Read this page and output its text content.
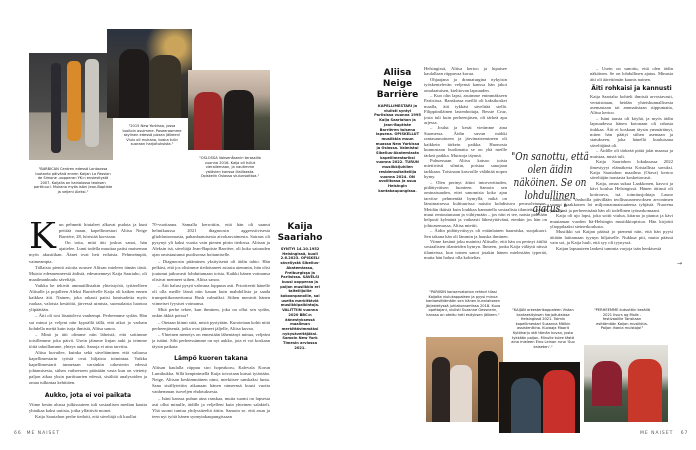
"BARBICAN Centren edessä Lontoossa tuotanto päivänä ennen Kaijan La Passion de Simone -oopperan YK:n ensiesitystä 2007. Kaijalla on kainalossa teoksen partituuri. Mukana myös isäni Jean-Baptiste ja veljeni Aleksi."
"2015 New Yorkissa, jossa tuolloin asuimme. Poseeraamme skylinen edessä pizzan jälkeen! Viulu oli mukana, koska tulin suoraan harjoituksista."
"OSLOSSA Voksenåsenin terassilla vuonna 2016. Kaija oli tullut vierailemaan, ja nautimme ystävien kanssa illallisesta. Opiskelin Oslossa viulunsoittoa."
K un pehmeät hiutaleet alkavat pudota ja kuni peittää maan, kapellimestari Aliisa Neige Barrière, 28, höristää korviaan.

On totta, mitä äiti joskus sanoi, hän ajattelee. Lumi todella muuttaa paitsi maiseman myös akustiikan. Äänet ovat heti erilaisia. Pehmeämpiä, vaimeampia.

Tällaisia pieniä asioita nousee Aliisan mieleen tämän tästä. Muisto edesmenneestä äidistä, edesmenneyt Kaija Saariaho, oli maailmankuulu säveltäjä.

Vaikka he tekivät ammatillistakin yhteistyötä, tyttärelleen Aliisalle ja pojalleen Aleksi Barrièrelle Kaija oli kaiken ennen kaikkea äiti. Nainen, joka rakasti paitsi lumisadetta myös ruokaa, valoisia kesäöitä, järvessä uimista, suomalaista luontoa ylipäätään.

– Äiti oli tosi läsnäoleva vanhempi. Perheemme sydän. Hän sai minut ja veljeni niin kypsällä tällä, että aikoi jo varhain kohdella meitä kuin isoja ihmisiä, Aliisa sanoo.

– Minä ja äiti olimme niin läheisiä, että soitimme toisillemme joka päivä. Usein jäimme linjan auki ja teimme töitä tahoillamme, yhteys auki. Sanoja ei aina tarvittu.

Aliisa kuvailee, kuinka sekä säveltäminen että valtaosa kapellimestarin työstä ovat hiljaista toimintaa. Vaikka kapellimestarit tunnetaan varsinkin orkesterin edessä johtamisesta, siihen vaiheeseen päästään vasta kun on vietetty paljon aikaa yksin partituurien edessä, sisältöä analysoiden ja omaa tulkintaa kehittäen.

Aukko, jota ei voi paikata

Viime kesän alussa julkisuuteen tuli sosiaalisen median kautta yhtaikaa kaksi uutista, jotka yllättivät monet.

Kaija Saariahon perhe tiedotti, että säveltäjä oli kuollut

70-vuotiaana. Samalla kerrottiin, että hän oli saanut helmikuussa 2021 diagnoosin aggressiivisesta glioblastoomasta, pahanlaatuisesta aivokasvaimesta. Sairaus oli pysynyt yli kaksi vuotta vain pienen piirin tiedossa. Aliisan ja Aleksin isä, säveltäjä Jean-Baptiste Barrière, oli koko sairauden ajan omistautunut puolisonsa hoitamiselle.

– Diagnoosin pitäminen yksityisenä oli äidin tahto. Hän pelkäsi, että jos olisimme tiedottaneet asiasta aiemmin, hän olisi joutunut jatkuvasti lohduttamaan toisia. Kaikki hänen voimansa olisivat menneet siihen, Aliisa sanoo.

– Äiti halusi pysyä vahvana loppuun asti. Prioriteetti hänelle oli olla meille läsnä niin kauan kuin mahdollista ja saada trumpettikonserttonsa Hush valmiiksi. Siihen menivät hänen viimeiset fyysiset voimansa.

Mitä perhe tekee, kun ihminen, joka on ollut sen sydän, onkin äkkiä poissa?

– Otetaan kiinni siitä, mistä pystytään. Kurotetaan kohti niitä perheenjäseniä, jotka ovat jääneet jäljelle, Aliisa kuvaa.

– Yhteinen menetys on ennestään lähentänyt minua, veljeäni ja isääni. Silti perheessämme on nyt aukko, jota ei voi koskaan täysin paikata.

Lämpö kuoren takana

Aliisan kaulalla riippuu siro hopeakoru, Kalevala Korun Lumikukka. Sillä kenpinimellä Kaija toivotaan kutsui tytärtään. Neige, Aliisan keskimmäinen nimi, merkitsee ranskaksi lunta. Sana sisällytettiin aikanaan hänen nimeensä kuusi vuotta vanhemman isoveljen ehdotuksesta.

– Isäni kanssa puhun aina ranskaa, mutta suomi on lapsesta asti ollut minulle, äidille ja veljelleni kuin yhteinen salakieli. Yhä suomi tuntuu yhdyssiteeltä äitiin. Samoin se, että asun ja teen nyt työtä hänen synnyinkaupungissaan

Kaija Saariaho

SYNTYI 14.10.1952 Helsingissä, kuoli 2.6.2023. OPISKELI sävellystä Sibelius-Akatemiassa, Freiburgissa ja Pariisissa. SÄVELSI kuusi oopperaa ja paljon musiikkia eri taiteilijoille kokoonpanoille, sai useita merkittäviä musiikkipalkintoja. VALITTIIN vuonna 2020 BBC:n äänestyksessä maailman merkittävimmäksi nykysäveltäjäksi. Samoin New York Timesin arviossa 2021.

66 ME NAISET
Aliisa Neige Barrière

KAPELLIMESTARI ja viulisti syntyi Pariisissa vuonna 1995 Kaija Saariahon ja Jean-Baptiste Barrièren toisena lapsena. OPISKELLUT musiikkia muun muassa New Yorkissa ja Oslossa. Valmistui Sibelius-Akatemiasta kapellimestariksi vuonna 2022. TURUN musiikkijuhlien residenssitaiteilija vuonna 2024. ON avoliitossa ja asuu Helsingin kantakaupungissa.

Helsingissä, Aliisa kertoo ja hipaisee kaulallaan riippuvaa korua.

Ohjaajana ja dramaturgina nykyisin työskentelevän veljensä kanssa hän jakoi omalaatuisen, kielitovan lapsuuden.

– Kun olin lapsi, asuimme enimmäkseen Pariisissa. Ranskassa meillä oli kaksikosket maalla, äiti tykkäsi sävelttää siellä. Filippiiniläinen lastenhoitaja, Bessie Cruz, josta tuli kuin perheenjäsen, oli tärkeä apu arjessa.

– Joulut ja kesät vietimme aina Suomessa. Äidin suvun mökki rantasaunoineen ja järvimaisemineen oli kaikkein tärkein paikka. Huonosta kunnostaan huolimatta se on yhä meille tärkeä paikka. Muistoja täynnä.

Puhuessaan Aliisa katsoo toista miettivästi silmiin, poistaa sanojaan tarkkaan. Toisinaan kasvoille välähtää nopea hymy.

– Olen perinyt äitini introverttiuden, pidättyväisen luonteen. Samoin sen ominaisuuden, ettei sanomisia koko ajan tarvitse pehmentää hymyllä, mikä on länsimaisessa kulttuurissa naisiin kohdistuva perusoletumus. Meidän ikäisiä kuin loukkaa kannatella sosiaalisia tilanteita, saada muut rentoutumaan ja viihtymään – jos niin ei tee, naista pidetään helposti kylmänä ja vaikeasti lähestyttävänä, etenkin jos hän on johtoasemassa, Aliisa miettii.

– Äidin pidättyväisyys oli eräänlainen haarniska, suojakuori. Sen takana hän oli lämmin ja hauska ihminen.

Viime kesänä joku mainitsi Aliisalle, että hän on perinyt äitiltä sosiaalisten tilanteiden hymyn. Ihmeen, jonka Kaija väläytti niissä tilanteissa, kun toinen sanoi jotakin hänen mielestään typerää, mutta hän halusi olla kohtelias.

– Usein on sanottu, että olen äidin näköinen. Se on lohdullinen ajatus. Minusta äiti oli äärettömän kaunis nainen.

Äiti rohkaisi ja kannusti

Kaija Saariaho kohteli ihmisiä arvostavasti, vertaisinaan, heidän yhteiskunnallisesta asemastaan tai ammatistaan riippumatta, Aliisa kertoo.

– Isäni tausta oli köyhä, ja myös äidin lapsuudessa hänen kotonaan oli rahasta tiukkaa. Äiti ei koskaan täysin ymmärtänyt, miten hän päätyi siihen asemaan ja statukseen, joka hänellä kuuluisana säveltäjänä oli.

– Äidille oli tärkeää pitää jalat maassa ja muistaa, mistä tuli.

Kaija Saariahon lokakuussa 2022 ilmestyyyt elämäkerta Kristallista savuksi. Kaija Saariahon maailma (Otava) kertoo säveltäjän taustasta koskettavasti.

Kaija, omaa sukua Laakkonen, kasvoi ja kävi koulua Helsingissä. Hänen äitinsä oli kotirouva, isä toimitusjohtaja Launo Laakkonen. Vanhoilla päivillään teollisuusneuvoksen arvonimen saanut Laakkonen loi miljoonaomaisuutensa tyhjästä. Nuorena yrittäjänä ja perheenisänä hän oli todellinen työnarkomaani.

Kaija oli ujo lapsi, joka soitti viulua, kitaraa ja pianoa ja kävi muutaman vuoden Itä-Helsingin musiikkiopistoa. Hän kirjoitti ylioppilaaksi steinerkoulusta.

Musiikki soi Kaijan päässä jo pienenä niin, että hän pyysi äitiään laittamaan tyynyn hiljaiselle. Nukkua piti, mutta päässä vain soi, ja Kaija luuli, että syy oli tyynyssä.

Kaijan lapsuuteen lankesi tummia varjoja isän henkisestä

"On sanottu, että olen äidin näköinen. Se on lohdullinen ajatus."
→
"PARIISIN konservatorion rehtori tilasi Kaijalta viulukappaleen ja pyysi minua kantaesittämään sen hänen kunniakseen järjestetyssä juhlakonsertissa 2018. Kuva opettajani, viulisti Suzanne Gessnerin, kanssa on otettu heti esityksen jälkeen."
"KAIJAN orkesterikappaleen Vistan kantaesityksen harjoituksissa Helsingissä 2021. Toimin kapellimestari Susanna Mälkin assistenttina. Kuvaaja Maarit Kytöharju otti tämän kuvan, josta tykkään paljon. Minulle tulee tästä aina mieleen Eino Leinon runo 'Suo kaiseten'."
"PERHEEMME kutsuttiin kesällä 2021 Ilsurs og Molls -festivaalille Tanskaan esittämään Kaijan musiikkia. Paljon ihania muistoja!"
ME NAISET 67
